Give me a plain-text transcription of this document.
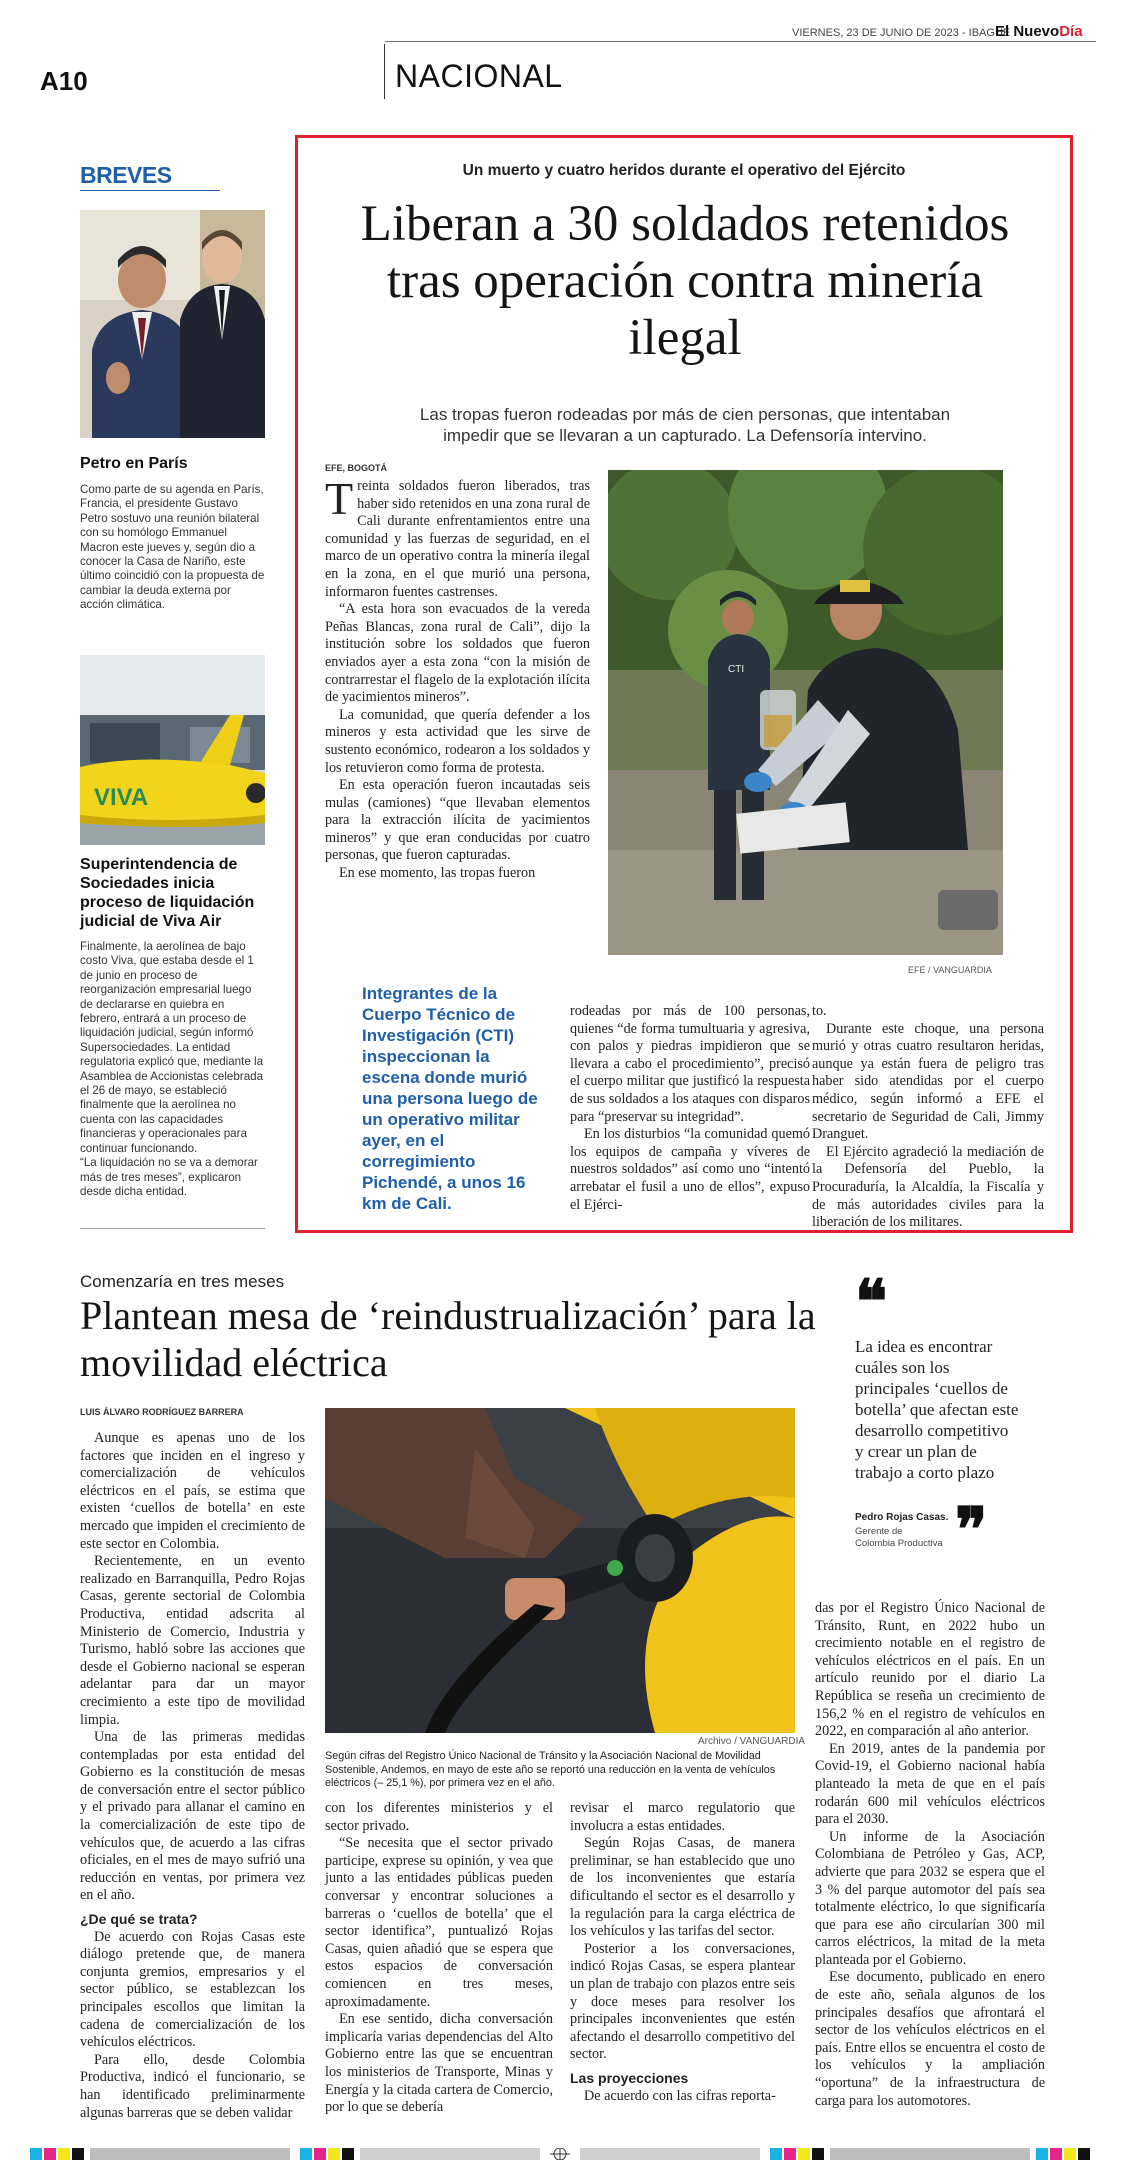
VIERNES, 23 DE JUNIO DE 2023 - IBAGUÉ
El NuevoDía
A10	NACIONAL
BREVES
Petro en París

Como parte de su agenda en París, Francia, el presidente Gustavo Petro sostuvo una reunión bilateral con su homólogo Emmanuel Macron este jueves y, según dio a conocer la Casa de Nariño, este último coincidió con la propuesta de cambiar la deuda externa por acción climática.

VIVA
Superintendencia de Sociedades inicia proceso de liquidación judicial de Viva Air

Finalmente, la aerolínea de bajo costo Viva, que estaba desde el 1 de junio en proceso de reorganización empresarial luego de declararse en quiebra en febrero, entrará a un proceso de liquidación judicial, según informó Supersociedades. La entidad regulatoria explicó que, mediante la Asamblea de Accionistas celebrada el 26 de mayo, se estableció finalmente que la aerolínea no cuenta con las capacidades financieras y operacionales para continuar funcionando.

“La liquidación no se va a demorar más de tres meses”, explicaron desde dicha entidad.

Un muerto y cuatro heridos durante el operativo del Ejército
Liberan a 30 soldados retenidos tras operación contra minería ilegal
Las tropas fueron rodeadas por más de cien personas, que intentaban impedir que se llevaran a un capturado. La Defensoría intervino.
EFE, BOGOTÁ

Treinta soldados fueron liberados, tras haber sido retenidos en una zona rural de Cali durante enfrentamientos entre una comunidad y las fuerzas de seguridad, en el marco de un operativo contra la minería ilegal en la zona, en el que murió una persona, informaron fuentes castrenses.

“A esta hora son evacuados de la vereda Peñas Blancas, zona rural de Cali”, dijo la institución sobre los soldados que fueron enviados ayer a esta zona “con la misión de contrarrestar el flagelo de la explotación ilícita de yacimientos mineros”.

La comunidad, que quería defender a los mineros y esta actividad que les sirve de sustento económico, rodearon a los soldados y los retuvieron como forma de protesta.

En esta operación fueron incautadas seis mulas (camiones) “que llevaban elementos para la extracción ilícita de yacimientos mineros” y que eran conducidas por cuatro personas, que fueron capturadas.

En ese momento, las tropas fueron

CTI
EFE / VANGUARDIA
Integrantes de la Cuerpo Técnico de Investigación (CTI) inspeccionan la escena donde murió una persona luego de un operativo militar ayer, en el corregimiento Pichendé, a unos 16 km de Cali.

rodeadas por más de 100 personas, quienes “de forma tumultuaria y agresiva, con palos y piedras impidieron que se llevara a cabo el procedimiento”, precisó el cuerpo militar que justificó la respuesta de sus soldados a los ataques con disparos para “preservar su integridad”.

En los disturbios “la comunidad quemó los equipos de campaña y víveres de nuestros soldados” así como uno “intentó arrebatar el fusil a uno de ellos”, expuso el Ejérci-

to.

Durante este choque, una persona murió y otras cuatro resultaron heridas, aunque ya están fuera de peligro tras haber sido atendidas por el cuerpo médico, según informó a EFE el secretario de Seguridad de Cali, Jimmy Dranguet.

El Ejército agradeció la mediación de la Defensoría del Pueblo, la Procuraduría, la Alcaldía, la Fiscalía y de más autoridades civiles para la liberación de los militares.

Comenzaría en tres meses
Plantean mesa de ‘reindustrualización’ para la movilidad eléctrica
LUIS ÁLVARO RODRÍGUEZ BARRERA

Aunque es apenas uno de los factores que inciden en el ingreso y comercialización de vehículos eléctricos en el país, se estima que existen ‘cuellos de botella’ en este mercado que impiden el crecimiento de este sector en Colombia.

Recientemente, en un evento realizado en Barranquilla, Pedro Rojas Casas, gerente sectorial de Colombia Productiva, entidad adscrita al Ministerio de Comercio, Industria y Turismo, habló sobre las acciones que desde el Gobierno nacional se esperan adelantar para dar un mayor crecimiento a este tipo de movilidad limpia.

Una de las primeras medidas contempladas por esta entidad del Gobierno es la constitución de mesas de conversación entre el sector público y el privado para allanar el camino en la comercialización de este tipo de vehículos que, de acuerdo a las cifras oficiales, en el mes de mayo sufrió una reducción en ventas, por primera vez en el año.

¿De qué se trata?

De acuerdo con Rojas Casas este diálogo pretende que, de manera conjunta gremios, empresarios y el sector público, se establezcan los principales escollos que limitan la cadena de comercialización de los vehículos eléctricos.

Para ello, desde Colombia Productiva, indicó el funcionario, se han identificado preliminarmente algunas barreras que se deben validar

Archivo / VANGUARDIA
Según cifras del Registro Único Nacional de Tránsito y la Asociación Nacional de Movilidad Sostenible, Andemos, en mayo de este año se reportó una reducción en la venta de vehículos eléctricos (– 25,1 %), por primera vez en el año.

con los diferentes ministerios y el sector privado.

“Se necesita que el sector privado participe, exprese su opinión, y vea que junto a las entidades públicas pueden conversar y encontrar soluciones a barreras o ‘cuellos de botella’ que el sector identifica”, puntualizó Rojas Casas, quien añadió que se espera que estos espacios de conversación comiencen en tres meses, aproximadamente.

En ese sentido, dicha conversación implicaría varias dependencias del Alto Gobierno entre las que se encuentran los ministerios de Transporte, Minas y Energía y la citada cartera de Comercio, por lo que se debería

revisar el marco regulatorio que involucra a estas entidades.

Según Rojas Casas, de manera preliminar, se han establecido que uno de los inconvenientes que estaría dificultando el sector es el desarrollo y la regulación para la carga eléctrica de los vehículos y las tarifas del sector.

Posterior a los conversaciones, indicó Rojas Casas, se espera plantear un plan de trabajo con plazos entre seis y doce meses para resolver los principales inconvenientes que estén afectando el desarrollo competitivo del sector.

Las proyecciones

De acuerdo con las cifras reporta-

❝
La idea es encontrar cuáles son los principales ‘cuellos de botella’ que afectan este desarrollo competitivo y crear un plan de trabajo a corto plazo
Pedro Rojas Casas.
Gerente de Colombia Productiva ❞

das por el Registro Único Nacional de Tránsito, Runt, en 2022 hubo un crecimiento notable en el registro de vehículos eléctricos en el país. En un artículo reunido por el diario La República se reseña un crecimiento de 156,2 % en el registro de vehículos en 2022, en comparación al año anterior.

En 2019, antes de la pandemia por Covid-19, el Gobierno nacional había planteado la meta de que en el país rodarán 600 mil vehículos eléctricos para el 2030.

Un informe de la Asociación Colombiana de Petróleo y Gas, ACP, advierte que para 2032 se espera que el 3 % del parque automotor del país sea totalmente eléctrico, lo que significaría que para ese año circularían 300 mil carros eléctricos, la mitad de la meta planteada por el Gobierno.

Ese documento, publicado en enero de este año, señala algunos de los principales desafíos que afrontará el sector de los vehículos eléctricos en el país. Entre ellos se encuentra el costo de los vehículos y la ampliación “oportuna” de la infraestructura de carga para los automotores.
